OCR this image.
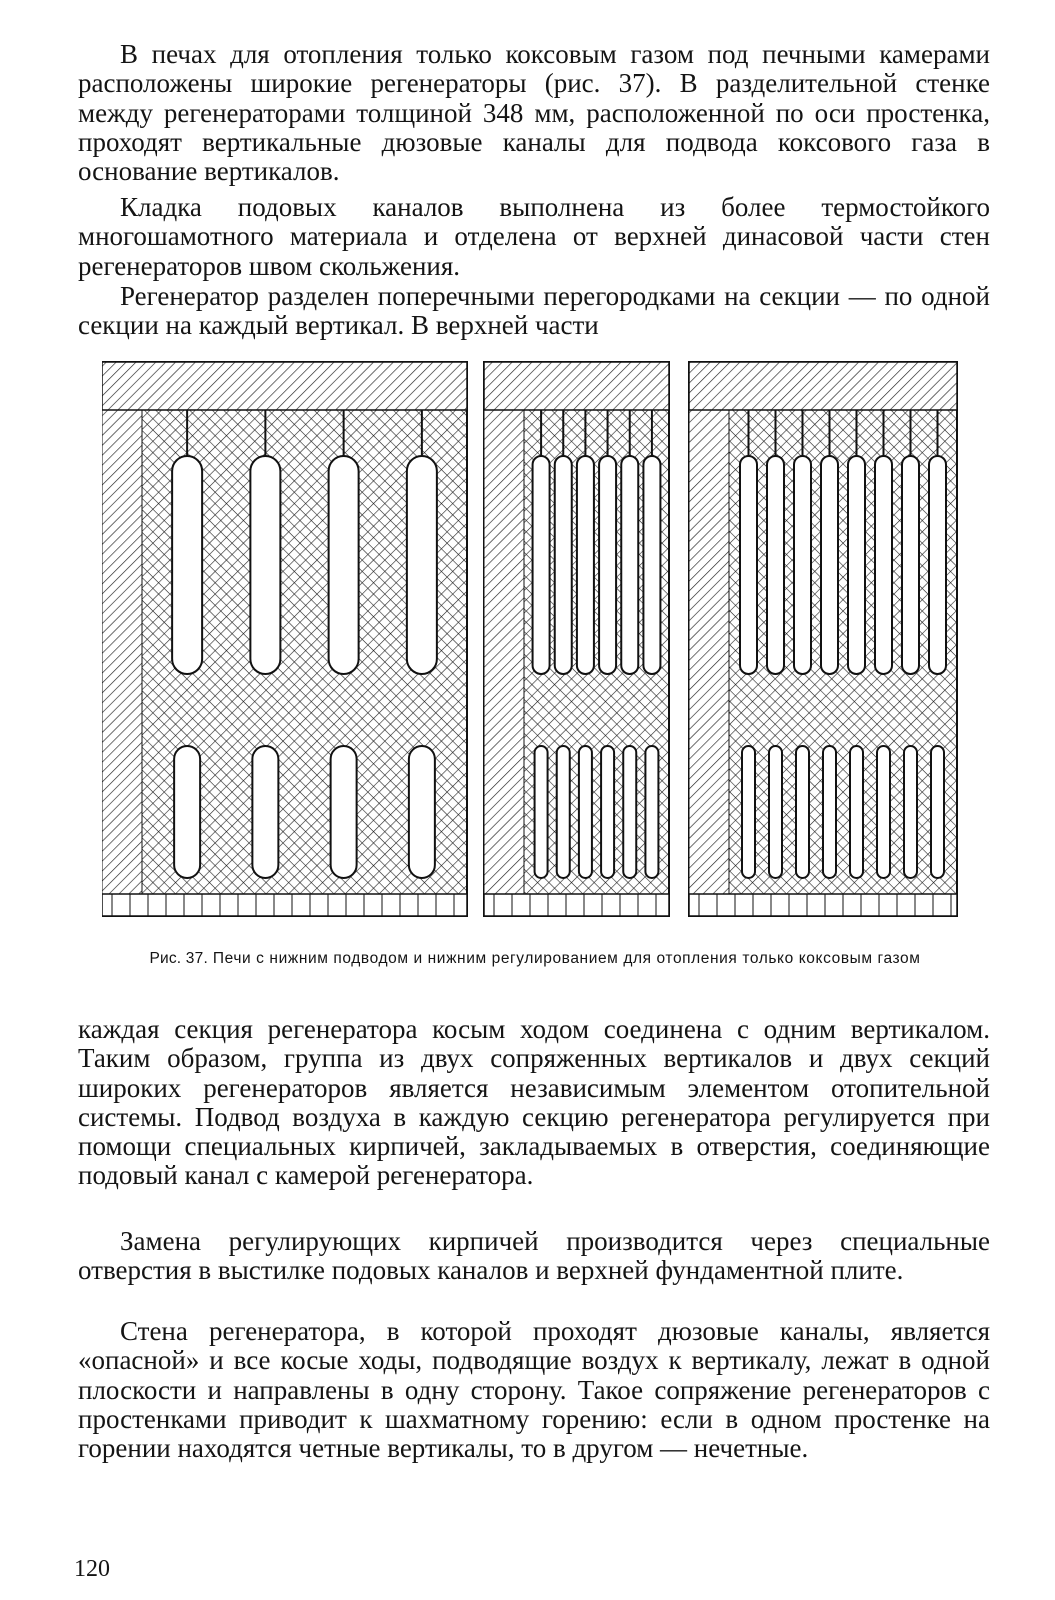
В печах для отопления только коксовым газом под печными камерами расположены широкие регенераторы (рис. 37). В разделительной стенке между регенераторами толщиной 348 мм, расположенной по оси простенка, проходят вертикальные дюзовые каналы для подвода коксового газа в основание вертикалов.

Кладка подовых каналов выполнена из более термостойкого многошамотного материала и отделена от верхней динасовой части стен регенераторов швом скольжения.

Регенератор разделен поперечными перегородками на секции — по одной секции на каждый вертикал. В верхней части

Рис. 37. Печи с нижним подводом и нижним регулированием для отопления только коксовым газом

каждая секция регенератора косым ходом соединена с одним вертикалом. Таким образом, группа из двух сопряженных вертикалов и двух секций широких регенераторов является независимым элементом отопительной системы. Подвод воздуха в каждую секцию регенератора регулируется при помощи специальных кирпичей, закладываемых в отверстия, соединяющие подовый канал с камерой регенератора.

Замена регулирующих кирпичей производится через специальные отверстия в выстилке подовых каналов и верхней фундаментной плите.

Стена регенератора, в которой проходят дюзовые каналы, является «опасной» и все косые ходы, подводящие воздух к вертикалу, лежат в одной плоскости и направлены в одну сторону. Такое сопряжение регенераторов с простенками приводит к шахматному горению: если в одном простенке на горении находятся четные вертикалы, то в другом — нечетные.

120
